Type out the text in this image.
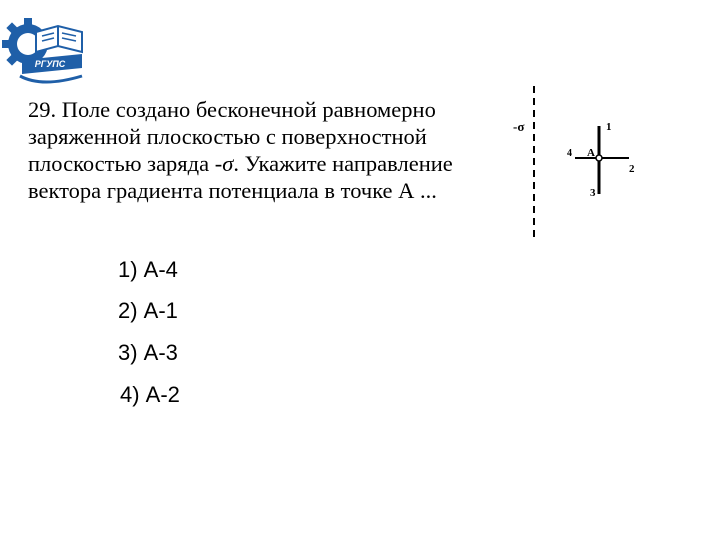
РГУПС

29. Поле создано бесконечной равномерно заряженной плоскостью с поверхностной плоскостью заряда -σ. Укажите направление вектора градиента потенциала в точке А ...

1) А-4
2) А-1
3) А-3
4) А-2
-σ
А
1
2
3
4
